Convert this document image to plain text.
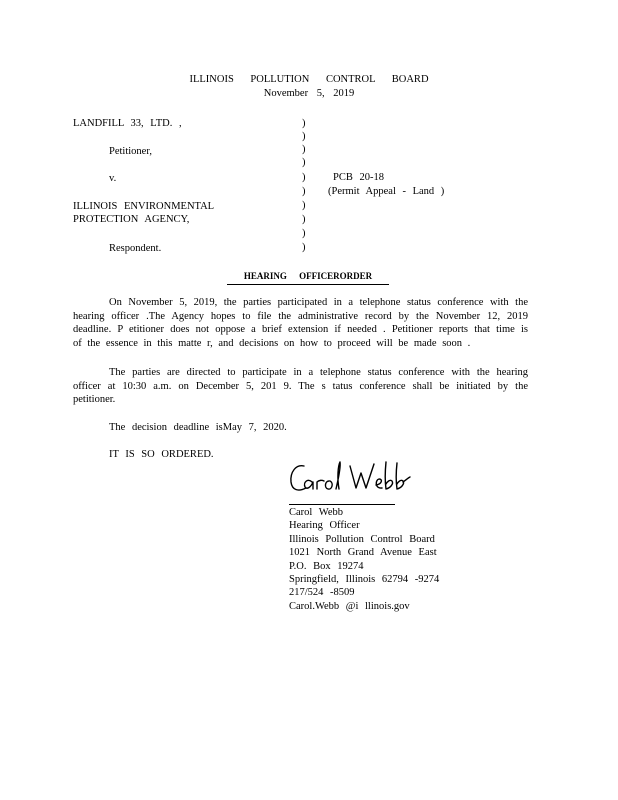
ILLINOIS POLLUTION CONTROL BOARD
November 5, 2019
LANDFILL 33, LTD. ,
Petitioner,
v.
ILLINOIS ENVIRONMENTAL
PROTECTION AGENCY,
Respondent.
)
)
)
)
)
)
)
)
)
)
PCB 20-18
(Permit Appeal - Land )
HEARING OFFICERORDER
On November 5, 2019, the parties participated in a telephone status conference with the hearing officer .The Agency hopes to file the administrative record by the November 12, 2019 deadline. P etitioner does not oppose a brief extension if needed . Petitioner reports that time is of the essence in this matte r, and decisions on how to proceed will be made soon .
The parties are directed to participate in a telephone status conference with the hearing officer at 10:30 a.m. on December 5, 201 9. The s tatus conference shall be initiated by the petitioner.
The decision deadline isMay 7, 2020.
IT IS SO ORDERED.
Carol Webb
Hearing Officer
Illinois Pollution Control Board
1021 North Grand Avenue East
P.O. Box 19274
Springfield, Illinois 62794 -9274
217/524 -8509
Carol.Webb @i llinois.gov
